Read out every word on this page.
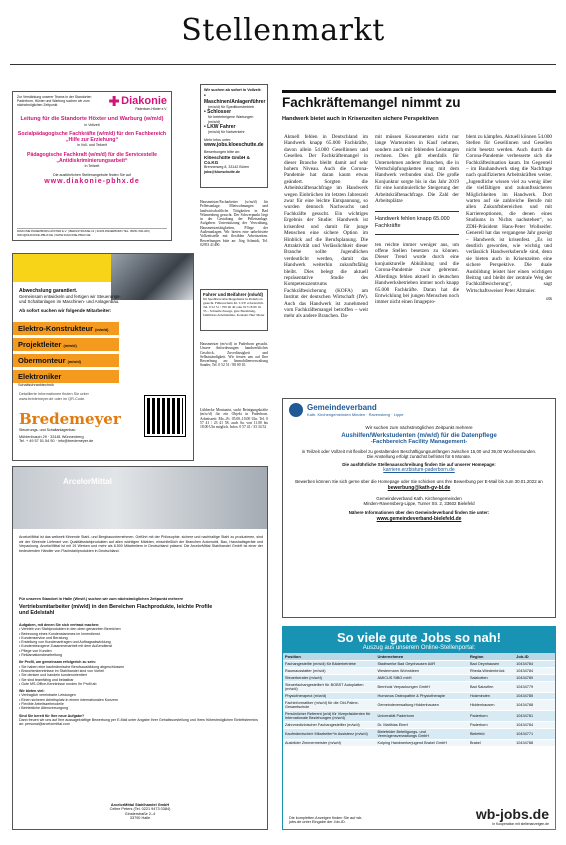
Stellenmarkt
Zur Verstärkung unserer Teams in der Standorten Paderborn, Höxter und Warburg suchen wir zum nächstmöglichen Zeitpunkt	Diakonie
Paderborn-Höxter e.V.
Leitung für die Standorte Höxter und Warburg (w/m/d)
in Vollzeit
Sozialpädagogische Fachkräfte (w/m/d) für den Fachbereich „Hilfe zur Erziehung“
in Voll- und Teilzeit
Pädagogische Fachkraft (w/m/d) für die Servicestelle „Antidiskriminierungsarbeit“
in Teilzeit
Die ausführlichen Stellenangebote finden Sie auf
www.diakonie-pbhx.de
DIAKONIE PADERBORN-HÖXTER E.V. | BERGSTRASSE 13 | 33106 PADERBORN TEL. 05251 500-200 | INFO@DIAKONIE-PBHX.DE | WWW.DIAKONIE-PBHX.DE
Wir suchen ab sofort in Vollzeit:
• Maschinen/Anlagenführer
(m/w/d) für Speditionsbetrieb
• Schlosser
für betriebeigene Wartungen (m/w/d)
• LKW Fahrer
(m/w/d) für Nahverkehr
Mehr Infos unter:
www.jobs.kloeschutte.de
Bewerbungen bitte an:
Klöeschütte GmbH & Co.KG
Brennerweg 8, 33142 Büren
jobs@kloeschutte.de
Hausmeister/Facharbeiter (w/m/d) für Pelletsanlage, Mietwohnungen und landwirtschaftliche Tätigkeiten in Bad Wünnenberg gesucht. Der Schwerpunkt liegt in der Gestaltung der Pelletsanlage. Aufgaben: Unterstützung der Verwaltung, Hausmeistertätigkeiten, Pflege der Außenanlagen. Wir bieten eine unbefristete Vollzeitstelle mit flexiblen Arbeitszeiten. Bewerbungen bitte an: Jörg Schmidt, Tel. 02953 41490.
Abwechslung garantiert.
Gemeinsam entwickeln und fertigen wir Steuerungs- und Schaltanlagen im Maschinen- und Anlagenbau.
Ab sofort suchen wir folgende Mitarbeiter:
Elektro-Konstrukteur (m/w/d)
Projektleiter (m/w/d)
Obermonteur (m/w/d)
Elektroniker
Schaltschranktechnik
Detaillierte Informationen finden Sie unter www.bredemeyer.de oder im QR-Code.
Bredemeyer
Steuerungs- und Schaltanlagenbau
Mühlenbusch 29 · 33181 Wünnenberg
Tel. + 49 57 51 54 50 · info@bredemeyer.de
Fahrer und Beifahrer (m/w/d)
für Spedition/Abschleppdienst in Paderborn gesucht. Führerschein Kl. C/CE erforderlich. Tel. 0 52 51 / 700 40 40 oder 0171/8 60 16 35 – Schnelle Zusage, gute Bezahlung, familiäres Arbeitsklima. Kontakt: Herr Meier
Hausmeister (m/w/d) in Paderborn gesucht. Unsere Anforderungen: handwerkliches Geschick, Zuverlässigkeit und Selbstständigkeit. Wir freuen uns auf Ihre Bewerbung an: Immobilienverwaltung Sander, Tel. 0 52 51 / 88 00 10.
Lübbecke Montanist, sucht Reinigungskräfte (m/w/d) für ein Objekt in Paderborn. Arbeitszeit: Mo.–Fr. 05.00–10.00 Uhr. Tel. 0 57 41 / 23 41 58, auch Sa. von 11.00 bis 18.00 Uhr möglich. Infos: 0 57 41 / 33 34 52
ArcelorMittal
ArcelorMittal ist das weltweit führende Stahl- und Bergbauunternehmen. Geführt mit der Philosophie, sichere und nachhaltige Stahl zu produzieren, sind wir der führende Lieferant von Qualitätsstahlprodukten auf allen wichtigen Märkten, einschließlich der Branchen Automobil, Bau, Haushaltsgeräte und Verpackung. ArcelorMittal ist mit 19 Werken und mehr als 8.500 Mitarbeitern in Deutschland präsent. Die ArcelorMittal Stahlhandel GmbH ist einer der bedeutenden Händler von Flachstahlprodukten in Deutschland.
Für unseren Standort in Halle (Westf.) suchen wir zum nächstmöglichen Zeitpunkt mehrere
Vertriebsmitarbeiter (m/w/d) in den Bereichen Flachprodukte, leichte Profile und Edelstahl
Aufgaben, mit denen Sie sich vertraut machen:
• Vertrieb von Stahlprodukten in den oben genannten Bereichen
• Betreuung eines Kundenstammes im Innendienst
• Kundenservice und Beratung
• Erstellung von Kundenanfragen und Auftragsabwicklung
• Kundenbezogene Zusammenarbeit mit dem Außendienst
• Pflege von Kunden
• Reklamationsbearbeitung
Ihr Profil, um gemeinsam erfolgreich zu sein:
• Sie haben eine kaufmännische Berufsausbildung abgeschlossen
• Branchenkenntnisse im Stahlhandel sind von Vorteil
• Sie denken und handeln kundenorientiert
• Sie sind teamfähig und belastbar
• Gute MS-Office-Kenntnisse runden Ihr Profil ab
Wir bieten viel:
• Vertraglich vereinbarte Leistungen
• Einen sicheren Arbeitsplatz in einem internationalen Konzern
• Flexible Arbeitszeitmodelle
• Betriebliche Altersversorgung
Sind Sie bereit für Ihre neue Aufgabe?
Dann freuen wir uns auf Ihre aussagekräftige Bewerbung per E-Mail unter Angabe Ihrer Gehaltsvorstellung und Ihres frühestmöglichen Eintrittstermins an: personal@arcelormittal.com
ArcelorMittal Stahlhandel GmbH
Celine Peters (Tel. 0221 9473 0384)
Ginsterstraße 2–4
33790 Halle
Fachkräftemangel nimmt zu
Handwerk bietet auch in Krisenzeiten sichere Perspektiven

Aktuell fehlen in Deutschland im Handwerk knapp 65.000 Fachkräfte, davon allein 54.000 Gesellinnen und Gesellen. Der Fachkräftemangel in dieser Branche bleibt damit auf sehr hohem Niveau. Auch die Corona-Pandemie hat daran kaum etwas geändert. Sorgten die Arbeitskräftenachfrage im Handwerk wegen Einbrüchen im letzten Jahreszeit zwar für eine leichte Entspannung, so wurden dennoch Nachwuchs und Fachkräfte gesucht. Ein wichtiges Ergebnis der Studie: Handwerk ist krisenfest und damit für junge Menschen eine sichere Option im Hinblick auf die Berufsplanung. Die Attraktivität und Verlässlichkeit dieser Branche sollte Jugendlichen verdeutlicht werden, damit das Handwerk weiterhin zukunftsfähig bleibt. Dies belegt die aktuell repräsentative Studie des Kompetenzzentrums Fachkräftesicherung (KOFA) am Institut der deutschen Wirtschaft (IW). Auch das Handwerk ist zunehmend vom Fachkräftemangel betroffen – weit mehr als andere Branchen. Da-

mit müssen Konsumenten nicht nur lange Wartezeiten in Kauf nehmen, sondern auch mit fehlenden Leistungen rechnen. Dies gilt ebenfalls für Unternehmen anderer Branchen, die in Wertschöpfungsketten eng mit dem Handwerk verbunden sind. Die große Konjunktur sorgte bis in das Jahr 2019 für eine kontinuierliche Steigerung der Arbeitskräftenachfrage. Die Zahl der Arbeitsplätze

Handwerk fehlen knapp 65.000 Fachkräfte

ten reichte immer weniger aus, um offene Stellen besetzen zu können. Dieser Trend wurde durch eine konjunkturelle Abkühlung und die Corona-Pandemie zwar gebremst. Allerdings fehlen aktuell in deutschen Handwerksbetrieben immer noch knapp 65.000 Fachkräfte. Daran hat die Entwicklung bei jungen Menschen noch immer nicht einen Imagepro-

blem zu kämpfen. Aktuell können 54.000 Stellen für Gesellinnen und Gesellen nicht besetzt werden. Auch durch die Corona-Pandemie verbesserte sich die Fachkräftesituation kaum. Im Gegenteil – im Bauhandwerk stieg die Nachfrage nach qualifizierten Arbeitskräften weiter. „Jugendliche wissen viel zu wenig über die vielfältigen und zukunftssicheren Möglichkeiten im Handwerk. Dort warten auf sie zahlreiche Berufe mit allen Zukunftsbereichen und mit Karriereoptionen, die denen eines Studiums in Nichts nachstehen“, so ZDH-Präsident Hans-Peter Wollseifer. Generell hat das vergangene Jahr gezeigt – Handwerk ist krisenfest. „Es ist deutlich geworden, wie wichtig und verlässlich Handwerksberufe sind, denn sie bieten auch in Krisenzeiten eine sichere Perspektive. Die duale Ausbildung leistet hier einen wichtigen Beitrag und bleibt der zentrale Weg der Fachkräftesicherung“, sagt Wirtschaftsweiser Peter Altmaier.

ots
Gemeindeverband
Kath. Kirchengemeinden Minden · Ravensberg · Lippe
Wir suchen zum nächstmöglichen Zeitpunkt mehrere
Aushilfen/Werkstudenten (m/w/d) für die Datenpflege
-Fachbereich Facility Management-
in Teilzeit oder Vollzeit mit flexibel zu gestaltenden Beschäftigungsumfängen zwischen 15,00 und 39,00 Wochenstunden.
Die Anstellung erfolgt zunächst befristet für 6 Monate.
Die ausführliche Stellenausschreibung finden Sie auf unserer Homepage:
karriere.erzbistum-paderborn.de
Bewerben können Sie sich gerne über die Homepage oder Sie schicken uns Ihre Bewerbung per E-Mail bis zum 30.01.2022 an
bewerbung@kath-gv-bl.de
Gemeindeverband Kath. Kirchengemeinden
Minden-Ravensberg-Lippe, Turner Str. 2, 33602 Bielefeld
Nähere Informationen über den Gemeindeverband finden Sie unter:
www.gemeindeverband-bielefeld.de
So viele gute Jobs so nah!
Auszug aus unserem Online-Stellenportal:
Position	Unternehmen	Region	Job-ID
Fachangestellte (m/w/d) für Bäderbetriebe	Stadtwerke Bad Oeynhausen AöR	Bad Oeynhausen	10434784
Raumausstatter (m/w/d)	Westermann Wohnideen	Rheda-Wiedenbrück	10434784
Steuerberater (m/w/d)	AMICUS StBG mbH	Salzkotten	10434780
Steuerfachangestellte/r für BOBST Autoplatten (m/w/d)	Bernholz Verpackungen GmbH	Bad Salzuflen	10434779
Physiotherapeut (m/w/d)	Humanus Osteopathie & Physiotherapie	Holzminden	10434785
Fachinformatiker (m/w/d) für die Old-Palme-Gesamtschule	Gemeindeverwaltung Hiddenhausen	Hiddenhausen	10434788
Persönlicher Referent (w/d) für Vizepräsidenten für Internationale Beziehungen (m/w/d)	Universität Paderborn	Paderborn	10434781
Zahnmedizinischer Fachangestellter (m/w/d)	Dr. Matthias Ebert	Paderborn	10434784
Kaufmännische/r Mitarbeiter*in Assistenz (m/w/d)	Bielefelder Beteiligungs- und Vermögensverwaltungs GmbH	Bielefeld	10434771
Ausbilder Zimmermeister (m/w/d)	Kolping Handwerkerjugend Brakel GmbH	Brakel	10434788
Die kompletten Anzeigen finden Sie auf wb-jobs.de unter Eingabe der Job-ID.
wb-jobs.de
In Kooperation mit stellenanzeigen.de
